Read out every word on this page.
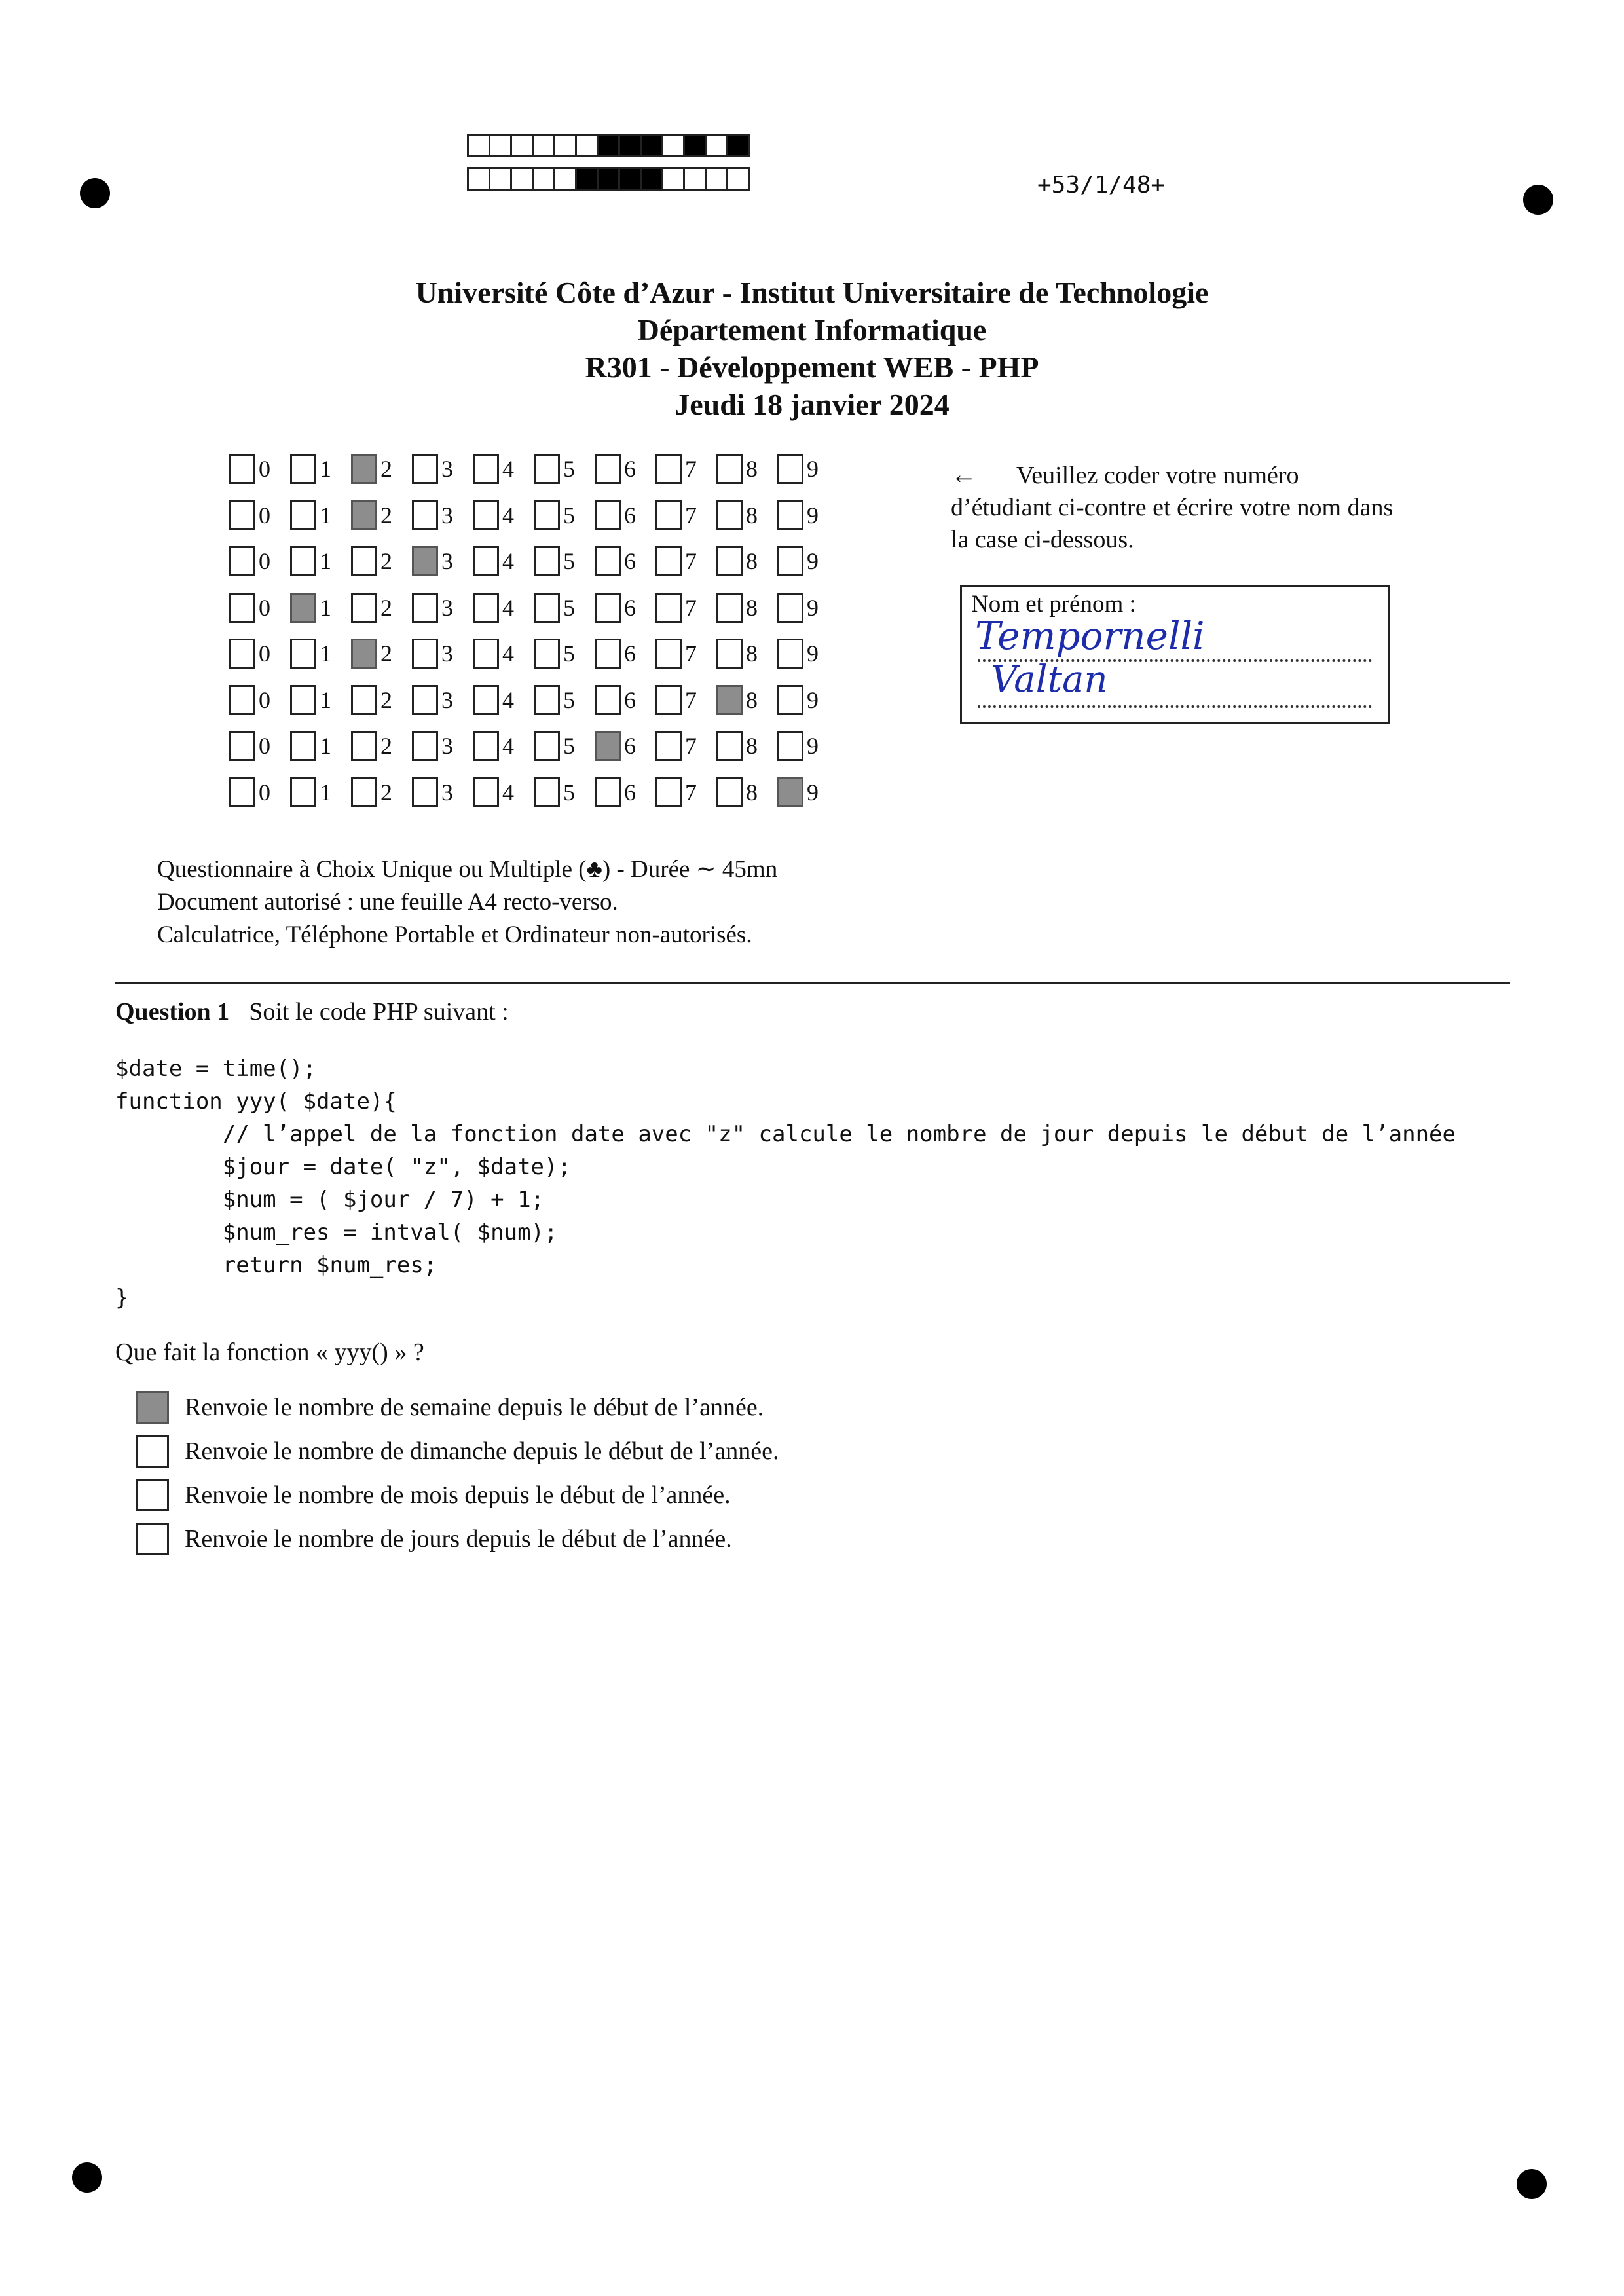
+53/1/48+
Université Côte d’Azur - Institut Universitaire de Technologie
Département Informatique
R301 - Développement WEB - PHP
Jeudi 18 janvier 2024
0 1 2 3 4 5 6 7 8 9
0 1 2 3 4 5 6 7 8 9
0 1 2 3 4 5 6 7 8 9
0 1 2 3 4 5 6 7 8 9
0 1 2 3 4 5 6 7 8 9
0 1 2 3 4 5 6 7 8 9
0 1 2 3 4 5 6 7 8 9
0 1 2 3 4 5 6 7 8 9
← Veuillez coder votre numéro d’étudiant ci-contre et écrire votre nom dans la case ci-dessous.
Nom et prénom :
Tempornelli
Valtan
Questionnaire à Choix Unique ou Multiple (♣) - Durée ∼ 45mn
Document autorisé : une feuille A4 recto-verso.
Calculatrice, Téléphone Portable et Ordinateur non-autorisés.
Question 1 Soit le code PHP suivant :
$date = time();
function yyy( $date){
// l’appel de la fonction date avec "z" calcule le nombre de jour depuis le début de l’année
$jour = date( "z", $date);
$num = ( $jour / 7) + 1;
$num_res = intval( $num);
return $num_res;
}
Que fait la fonction « yyy() » ?
Renvoie le nombre de semaine depuis le début de l’année.
Renvoie le nombre de dimanche depuis le début de l’année.
Renvoie le nombre de mois depuis le début de l’année.
Renvoie le nombre de jours depuis le début de l’année.
